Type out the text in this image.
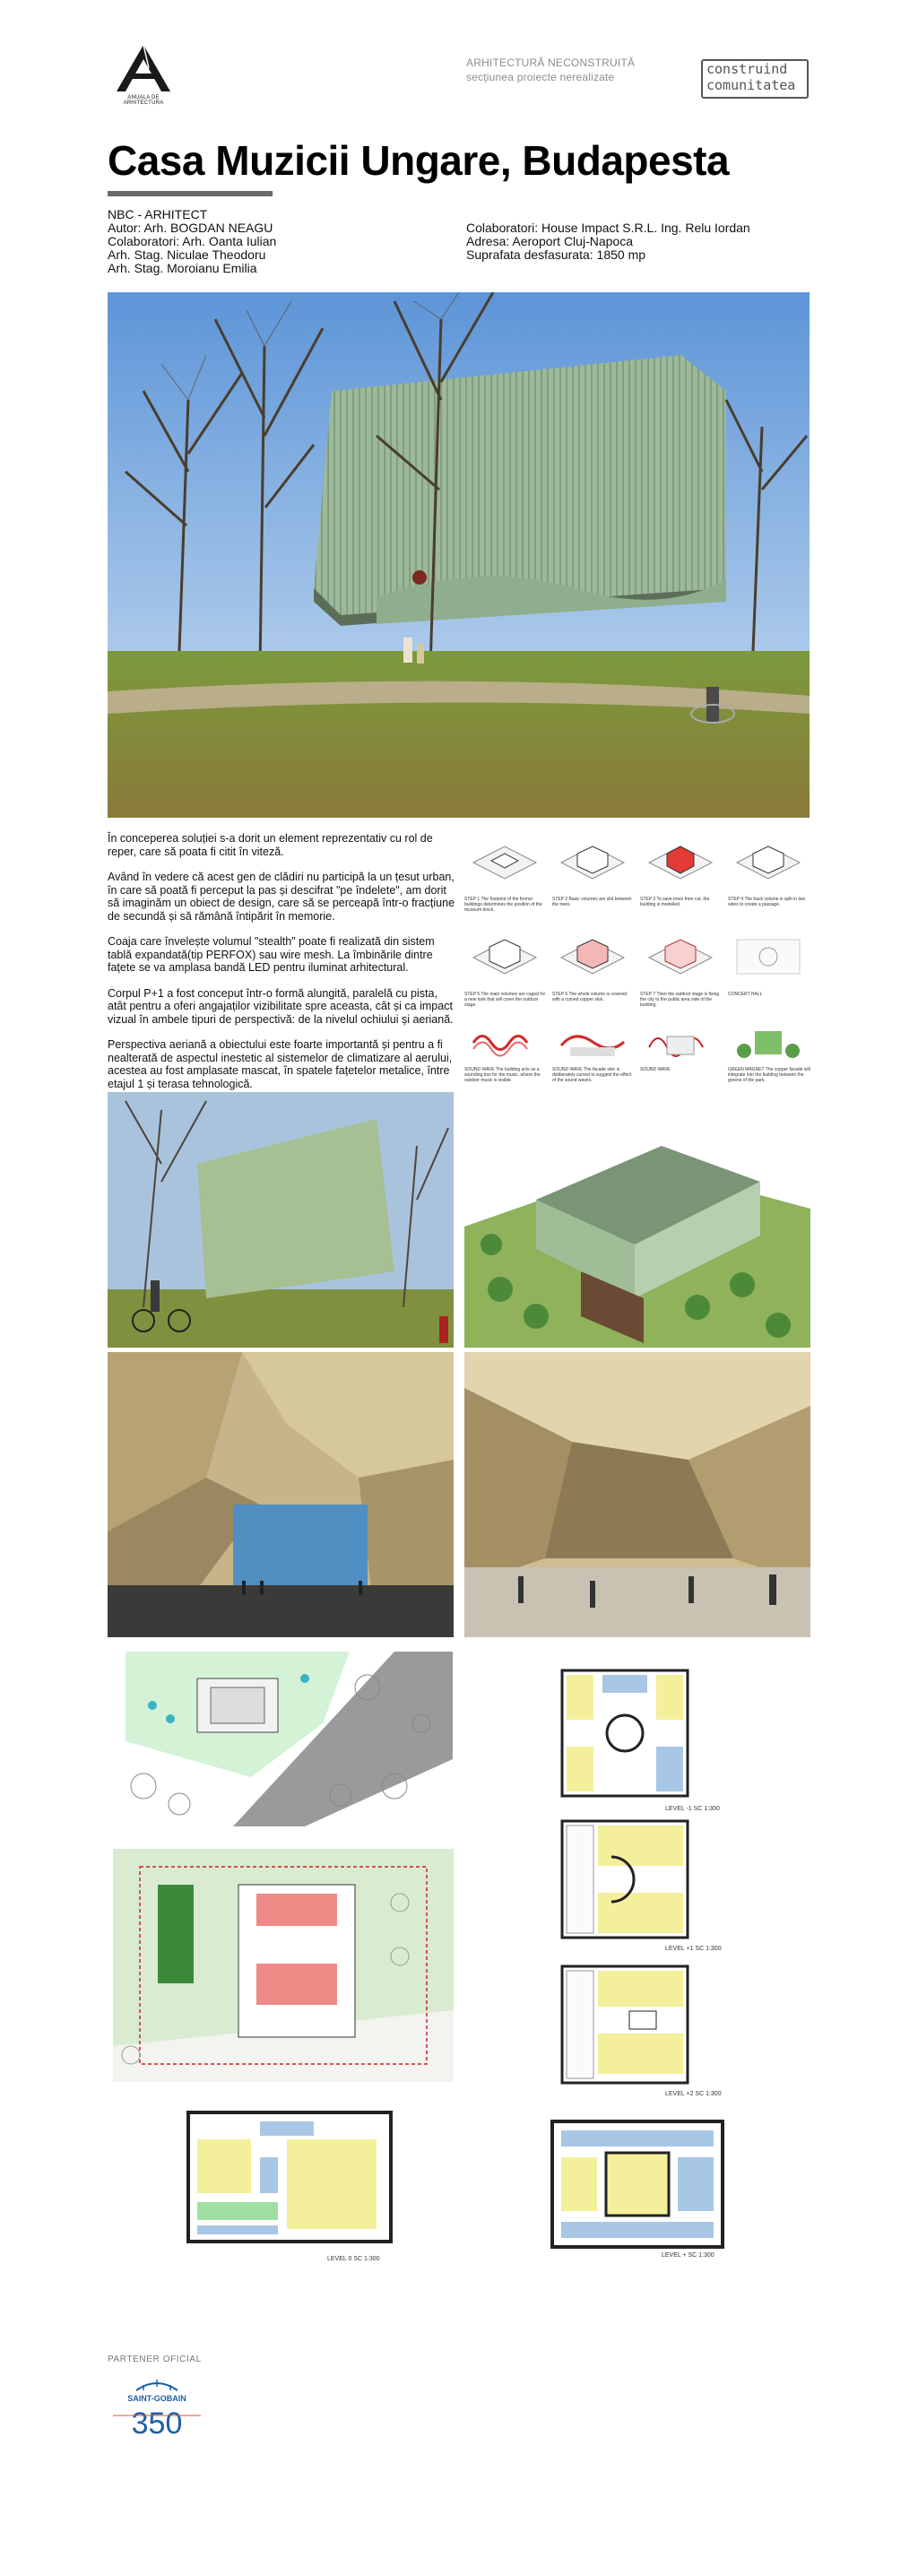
ANUALA DE ARHITECTURA
ARHITECTURĂ NECONSTRUITĂ
secțiunea proiecte nerealizate	construind
comunitatea
Casa Muzicii Ungare, Budapesta
NBC - ARHITECT
Autor: Arh. BOGDAN NEAGU
Colaboratori: Arh. Oanta Iulian
Arh. Stag. Niculae Theodoru
Arh. Stag. Moroianu Emilia
Colaboratori: House Impact S.R.L. Ing. Relu Iordan
Adresa: Aeroport Cluj-Napoca
Suprafata desfasurata: 1850 mp

În conceperea soluției s-a dorit un element reprezentativ cu rol de reper, care să poata fi citit în viteză.

Având în vedere că acest gen de clădiri nu participă la un țesut urban, în care să poată fi perceput la pas și descifrat "pe îndelete", am dorit să imaginăm un obiect de design, care să se perceapă într-o fracțiune de secundă și să rămână întipărit în memorie.

Coaja care învelește volumul "stealth" poate fi realizată din sistem tablă expandată(tip PERFOX) sau wire mesh. La îmbinările dintre fațete se va amplasa bandă LED pentru iluminat arhitectural.

Corpul P+1 a fost conceput într-o formă alungită, paralelă cu pista, atât pentru a oferi angajaților vizibilitate spre aceasta, cât și ca impact vizual în ambele tipuri de perspectivă: de la nivelul ochiului și aeriană.

Perspectiva aeriană a obiectului este foarte importantă și pentru a fi nealterată de aspectul inestetic al sistemelor de climatizare al aerului, acestea au fost amplasate mascat, în spatele fațetelor metalice, între etajul 1 și terasa tehnologică.

STEP 1 The footprint of the former buildings determines the position of the museum block.
STEP 2 Basic volumes are slid between the trees.
STEP 3 To save trees from cut, the building is modelled.
STEP 4 The back volume is split in two sides to create a passage.
STEP 5 The main volumes are caged for a new look that will cover the outdoor stage.
STEP 6 The whole volume is covered with a curved copper skin.
STEP 7 Then the outdoor stage is fixing the city to the public area side of the building.
CONCERT HALL
SOUND WAVE The building acts as a sounding box for the music, where the outdoor music is visible.
SOUND WAVE The facade skin is deliberately curved to suggest the effect of the sound waves.
SOUND WAVE	GREEN MAGNET The copper facade will integrate into the building between the greens of the park.
LEVEL -1 SC 1:300
LEVEL +1 SC 1:300
LEVEL +2 SC 1:300
LEVEL 0 SC 1:300
LEVEL + SC 1:300
PARTENER OFICIAL
SAINT-GOBAIN
350
